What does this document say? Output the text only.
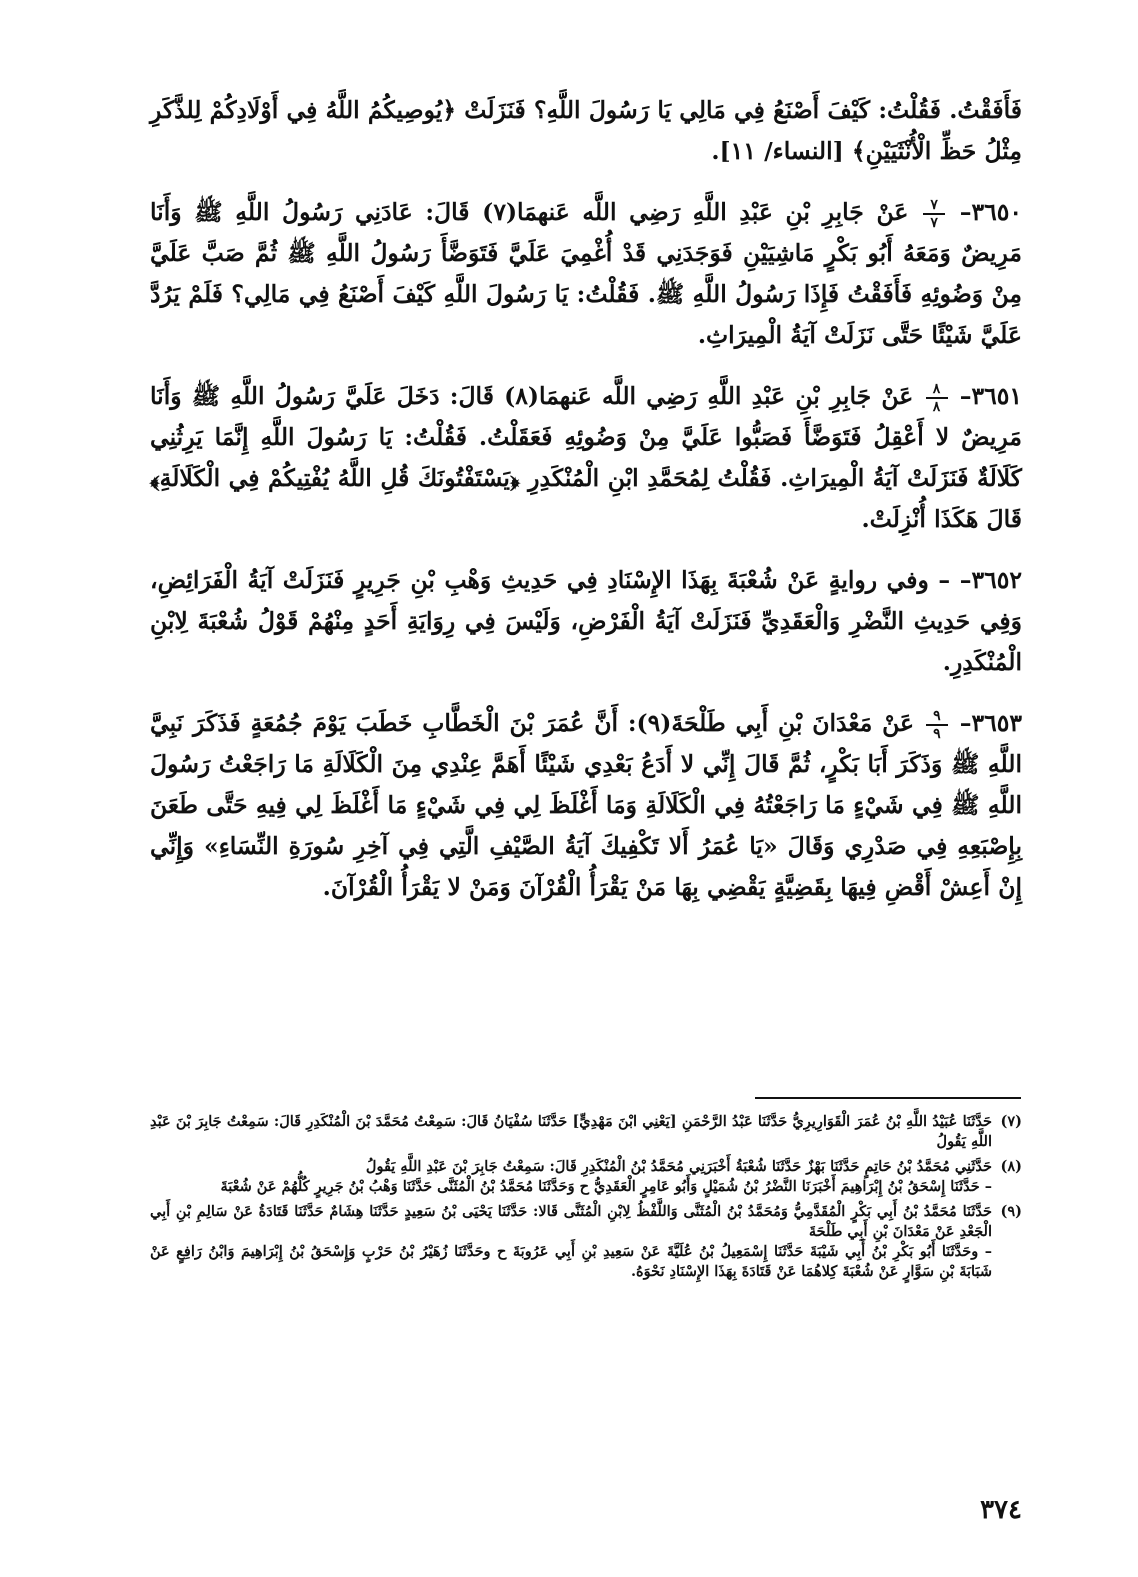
فَأَفَقْتُ. فَقُلْتُ: كَيْفَ أَصْنَعُ فِي مَالِي يَا رَسُولَ اللَّهِ؟ فَنَزَلَتْ ﴿يُوصِيكُمُ اللَّهُ فِي أَوْلَادِكُمْ لِلذَّكَرِ مِثْلُ حَظِّ الْأُنْثَيَيْنِ﴾ [النساء/ ١١].

٣٦٥٠–
٧
٧
عَنْ جَابِرِ بْنِ عَبْدِ اللَّهِ رَضِي اللَّه عَنهمَا(٧) قَالَ: عَادَنِي رَسُولُ اللَّهِ ﷺ وَأَنَا مَرِيضٌ وَمَعَهُ أَبُو بَكْرٍ مَاشِيَيْنِ فَوَجَدَنِي قَدْ أُغْمِيَ عَلَيَّ فَتَوَضَّأَ رَسُولُ اللَّهِ ﷺ ثُمَّ صَبَّ عَلَيَّ مِنْ وَضُوئِهِ فَأَفَقْتُ فَإِذَا رَسُولُ اللَّهِ ﷺ. فَقُلْتُ: يَا رَسُولَ اللَّهِ كَيْفَ أَصْنَعُ فِي مَالِي؟ فَلَمْ يَرُدَّ عَلَيَّ شَيْئًا حَتَّى نَزَلَتْ آيَةُ الْمِيرَاثِ.

٣٦٥١–
٨
٨
عَنْ جَابِرِ بْنِ عَبْدِ اللَّهِ رَضِي اللَّه عَنهمَا(٨) قَالَ: دَخَلَ عَلَيَّ رَسُولُ اللَّهِ ﷺ وَأَنَا مَرِيضٌ لا أَعْقِلُ فَتَوَضَّأَ فَصَبُّوا عَلَيَّ مِنْ وَضُوئِهِ فَعَقَلْتُ. فَقُلْتُ: يَا رَسُولَ اللَّهِ إِنَّمَا يَرِثُنِي كَلَالَةٌ فَنَزَلَتْ آيَةُ الْمِيرَاثِ. فَقُلْتُ لِمُحَمَّدِ ابْنِ الْمُنْكَدِرِ ﴿يَسْتَفْتُونَكَ قُلِ اللَّهُ يُفْتِيكُمْ فِي الْكَلَالَةِ﴾ قَالَ هَكَذَا أُنْزِلَتْ.

٣٦٥٢– – وفي روايةٍ عَنْ شُعْبَةَ بِهَذَا الإِسْنَادِ فِي حَدِيثِ وَهْبِ بْنِ جَرِيرٍ فَنَزَلَتْ آيَةُ الْفَرَائِضِ، وَفِي حَدِيثِ النَّضْرِ وَالْعَقَدِيِّ فَنَزَلَتْ آيَةُ الْفَرْضِ، وَلَيْسَ فِي رِوَايَةِ أَحَدٍ مِنْهُمْ قَوْلُ شُعْبَةَ لِابْنِ الْمُنْكَدِرِ.

٣٦٥٣–
٩
٩
عَنْ مَعْدَانَ بْنِ أَبِي طَلْحَةَ(٩): أَنَّ عُمَرَ بْنَ الْخَطَّابِ خَطَبَ يَوْمَ جُمُعَةٍ فَذَكَرَ نَبِيَّ اللَّهِ ﷺ وَذَكَرَ أَبَا بَكْرٍ، ثُمَّ قَالَ إِنِّي لا أَدَعُ بَعْدِي شَيْئًا أَهَمَّ عِنْدِي مِنَ الْكَلَالَةِ مَا رَاجَعْتُ رَسُولَ اللَّهِ ﷺ فِي شَيْءٍ مَا رَاجَعْتُهُ فِي الْكَلَالَةِ وَمَا أَغْلَظَ لِي فِي شَيْءٍ مَا أَغْلَظَ لِي فِيهِ حَتَّى طَعَنَ بِإِصْبَعِهِ فِي صَدْرِي وَقَالَ «يَا عُمَرُ أَلا تَكْفِيكَ آيَةُ الصَّيْفِ الَّتِي فِي آخِرِ سُورَةِ النِّسَاءِ» وَإِنِّي إِنْ أَعِشْ أَقْضِ فِيهَا بِقَضِيَّةٍ يَقْضِي بِهَا مَنْ يَقْرَأُ الْقُرْآنَ وَمَنْ لا يَقْرَأُ الْقُرْآنَ.

(٧)
حَدَّثَنَا عُبَيْدُ اللَّهِ بْنُ عُمَرَ الْقَوَارِيرِيُّ حَدَّثَنَا عَبْدُ الرَّحْمَنِ [يَعْنِي ابْنَ مَهْدِيٍّ] حَدَّثَنَا سُفْيَانُ قَالَ: سَمِعْتُ مُحَمَّدَ بْنَ الْمُنْكَدِرِ قَالَ: سَمِعْتُ جَابِرَ بْنَ عَبْدِ اللَّهِ يَقُولُ
(٨)
حَدَّثَنِي مُحَمَّدُ بْنُ حَاتِمٍ حَدَّثَنَا بَهْزٌ حَدَّثَنَا شُعْبَةُ أَخْبَرَنِي مُحَمَّدُ بْنُ الْمُنْكَدِرِ قَالَ: سَمِعْتُ جَابِرَ بْنَ عَبْدِ اللَّهِ يَقُولُ
– حَدَّثَنَا إِسْحَقُ بْنُ إِبْرَاهِيمَ أَخْبَرَنَا النَّضْرُ بْنُ شُمَيْلٍ وَأَبُو عَامِرٍ الْعَقَدِيُّ ح وَحَدَّثَنَا مُحَمَّدُ بْنُ الْمُثَنَّى حَدَّثَنَا وَهْبُ بْنُ جَرِيرٍ كُلُّهُمْ عَنْ شُعْبَةَ
(٩)
حَدَّثَنَا مُحَمَّدُ بْنُ أَبِي بَكْرٍ الْمُقَدَّمِيُّ وَمُحَمَّدُ بْنُ الْمُثَنَّى وَاللَّفْظُ لِابْنِ الْمُثَنَّى قَالا: حَدَّثَنَا يَحْيَى بْنُ سَعِيدٍ حَدَّثَنَا هِشَامٌ حَدَّثَنَا قَتَادَةُ عَنْ سَالِمِ بْنِ أَبِي الْجَعْدِ عَنْ مَعْدَانَ بْنِ أَبِي طَلْحَةَ
– وحَدَّثَنَا أَبُو بَكْرِ بْنُ أَبِي شَيْبَةَ حَدَّثَنَا إِسْمَعِيلُ بْنُ عُلَيَّةَ عَنْ سَعِيدِ بْنِ أَبِي عَرُوبَةَ ح وحَدَّثَنَا زُهَيْرُ بْنُ حَرْبٍ وَإِسْحَقُ بْنُ إِبْرَاهِيمَ وَابْنُ رَافِعٍ عَنْ شَبَابَةَ بْنِ سَوَّارٍ عَنْ شُعْبَةَ كِلاهُمَا عَنْ قَتَادَةَ بِهَذَا الإِسْنَادِ نَحْوَهُ.
٣٧٤
